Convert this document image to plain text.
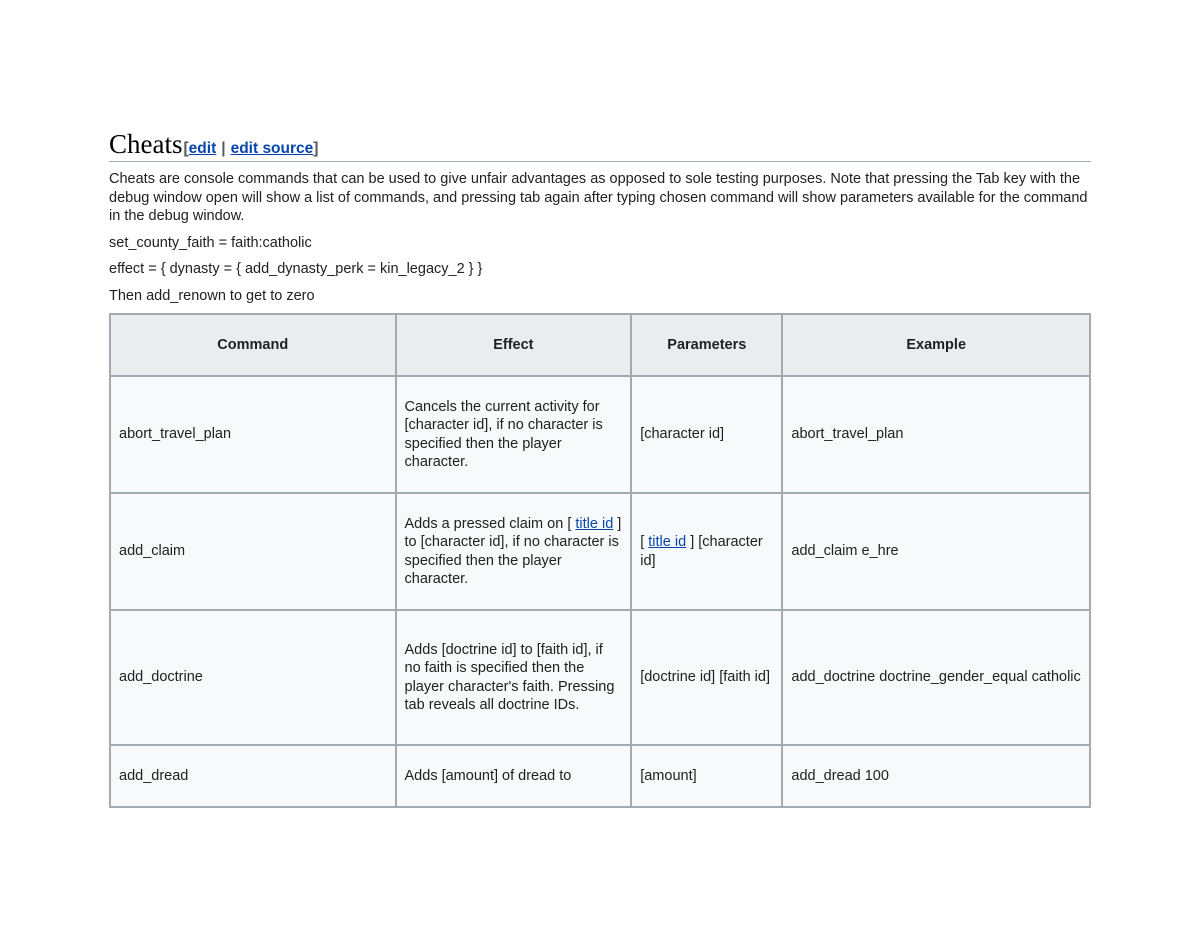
Cheats [edit | edit source]

Cheats are console commands that can be used to give unfair advantages as opposed to sole testing purposes. Note that pressing the Tab key with the debug window open will show a list of commands, and pressing tab again after typing chosen command will show parameters available for the command in the debug window.

set_county_faith = faith:catholic

effect = { dynasty = { add_dynasty_perk = kin_legacy_2 } }

Then add_renown to get to zero

Command	Effect	Parameters	Example
abort_travel_plan	Cancels the current activity for [character id], if no character is specified then the player character.	[character id]	abort_travel_plan
add_claim	Adds a pressed claim on [ title id ] to [character id], if no character is specified then the player character.	[ title id ] [character id]	add_claim e_hre
add_doctrine	Adds [doctrine id] to [faith id], if no faith is specified then the player character's faith. Pressing tab reveals all doctrine IDs.	[doctrine id] [faith id]	add_doctrine doctrine_gender_equal catholic
add_dread	Adds [amount] of dread to	[amount]	add_dread 100
